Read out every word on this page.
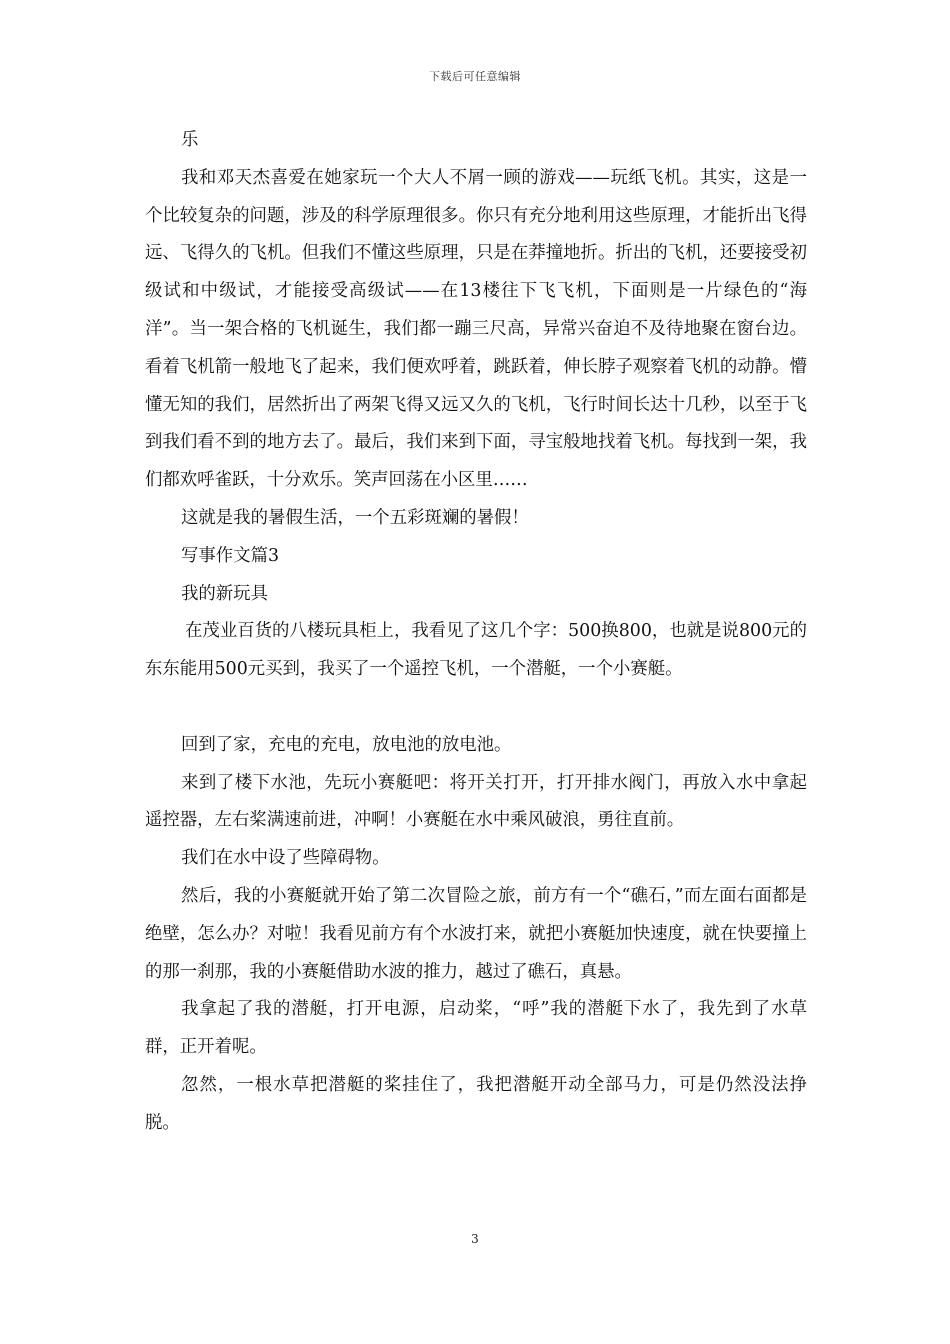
下载后可任意编辑

乐

我和邓天杰喜爱在她家玩一个大人不屑一顾的游戏——玩纸飞机。其实，这是一个比较复杂的问题，涉及的科学原理很多。你只有充分地利用这些原理，才能折出飞得远、飞得久的飞机。但我们不懂这些原理，只是在莽撞地折。折出的飞机，还要接受初级试和中级试，才能接受高级试——在13楼往下飞飞机，下面则是一片绿色的“海洋”。当一架合格的飞机诞生，我们都一蹦三尺高，异常兴奋迫不及待地聚在窗台边。看着飞机箭一般地飞了起来，我们便欢呼着，跳跃着，伸长脖子观察着飞机的动静。懵懂无知的我们，居然折出了两架飞得又远又久的飞机，飞行时间长达十几秒，以至于飞到我们看不到的地方去了。最后，我们来到下面，寻宝般地找着飞机。每找到一架，我们都欢呼雀跃，十分欢乐。笑声回荡在小区里……

这就是我的暑假生活，一个五彩斑斓的暑假！

写事作文篇3

我的新玩具

在茂业百货的八楼玩具柜上，我看见了这几个字：500换800，也就是说800元的东东能用500元买到，我买了一个遥控飞机，一个潜艇，一个小赛艇。

回到了家，充电的充电，放电池的放电池。

来到了楼下水池，先玩小赛艇吧：将开关打开，打开排水阀门，再放入水中拿起遥控器，左右桨满速前进，冲啊！小赛艇在水中乘风破浪，勇往直前。

我们在水中设了些障碍物。

然后，我的小赛艇就开始了第二次冒险之旅，前方有一个“礁石，”而左面右面都是绝壁，怎么办？对啦！我看见前方有个水波打来，就把小赛艇加快速度，就在快要撞上的那一刹那，我的小赛艇借助水波的推力，越过了礁石，真悬。

我拿起了我的潜艇，打开电源，启动桨，“呼”我的潜艇下水了，我先到了水草群，正开着呢。

忽然，一根水草把潜艇的桨挂住了，我把潜艇开动全部马力，可是仍然没法挣脱。

3
